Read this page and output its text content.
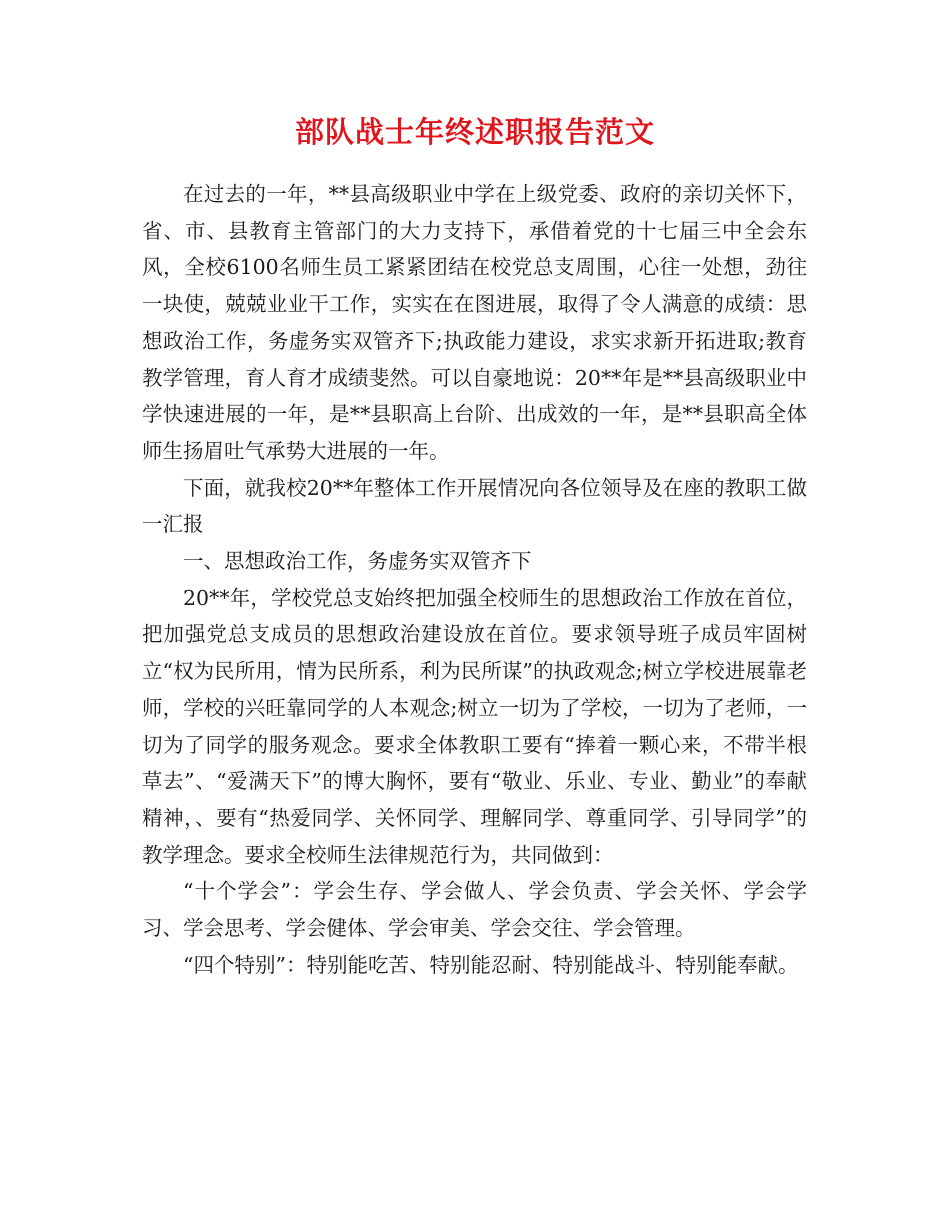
部队战士年终述职报告范文

在过去的一年，**县高级职业中学在上级党委、政府的亲切关怀下，省、市、县教育主管部门的大力支持下，承借着党的十七届三中全会东风，全校6100名师生员工紧紧团结在校党总支周围，心往一处想，劲往一块使，兢兢业业干工作，实实在在图进展，取得了令人满意的成绩：思想政治工作，务虚务实双管齐下;执政能力建设，求实求新开拓进取;教育教学管理，育人育才成绩斐然。可以自豪地说：20**年是**县高级职业中学快速进展的一年，是**县职高上台阶、出成效的一年，是**县职高全体师生扬眉吐气承势大进展的一年。

下面，就我校20**年整体工作开展情况向各位领导及在座的教职工做一汇报

一、思想政治工作，务虚务实双管齐下

20**年，学校党总支始终把加强全校师生的思想政治工作放在首位，把加强党总支成员的思想政治建设放在首位。要求领导班子成员牢固树立“权为民所用，情为民所系，利为民所谋”的执政观念;树立学校进展靠老师，学校的兴旺靠同学的人本观念;树立一切为了学校，一切为了老师，一切为了同学的服务观念。要求全体教职工要有“捧着一颗心来，不带半根草去”、“爱满天下”的博大胸怀，要有“敬业、乐业、专业、勤业”的奉献精神，、要有“热爱同学、关怀同学、理解同学、尊重同学、引导同学”的教学理念。要求全校师生法律规范行为，共同做到：

“十个学会”：学会生存、学会做人、学会负责、学会关怀、学会学习、学会思考、学会健体、学会审美、学会交往、学会管理。

“四个特别”：特别能吃苦、特别能忍耐、特别能战斗、特别能奉献。
